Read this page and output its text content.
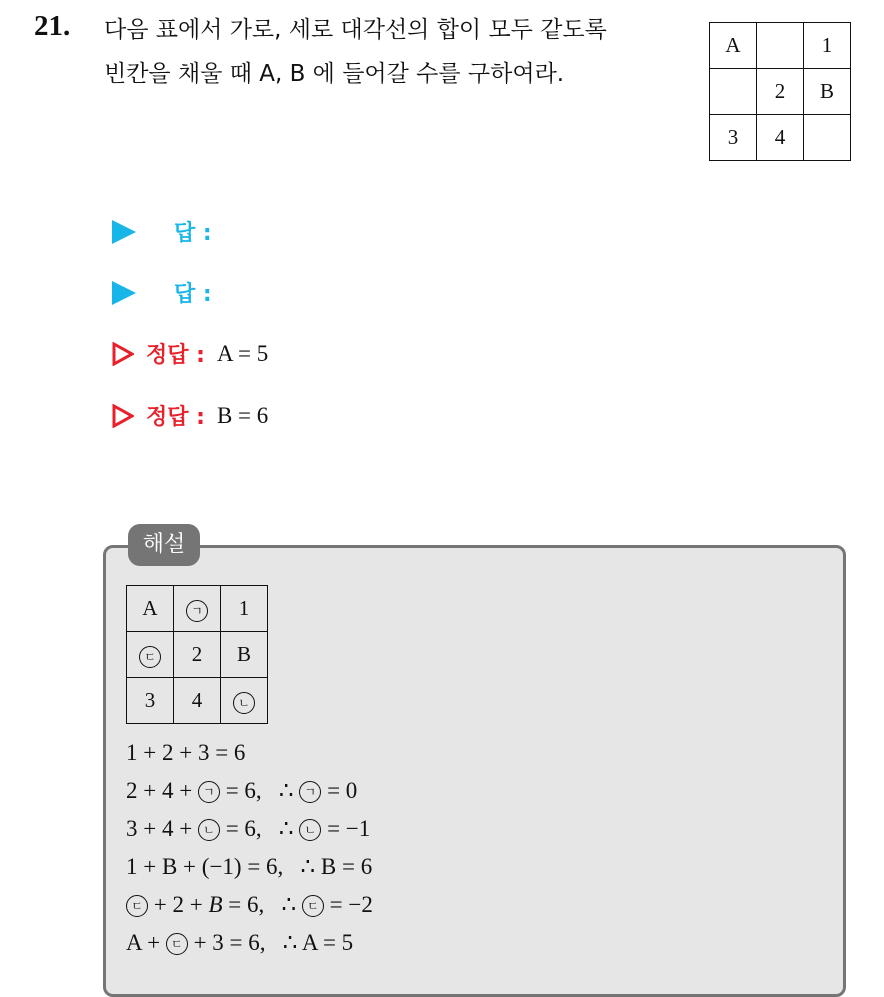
21. 다음 표에서 가로, 세로 대각선의 합이 모두 같도록
빈칸을 채울 때 A, B 에 들어갈 수를 구하여라.
A		1
	2	B
3	4	
답 :
답 :
정답 : A = 5
정답 : B = 6
해설
A	ㄱ	1
ㄷ	2	B
3	4	ㄴ
1 + 2 + 3 = 6
2 + 4 + ㄱ = 6,   ∴ ㄱ = 0
3 + 4 + ㄴ = 6,   ∴ ㄴ = −1
1 + B + (−1) = 6,   ∴ B = 6
ㄷ + 2 + B = 6,   ∴ ㄷ = −2
A + ㄷ + 3 = 6,   ∴ A = 5
